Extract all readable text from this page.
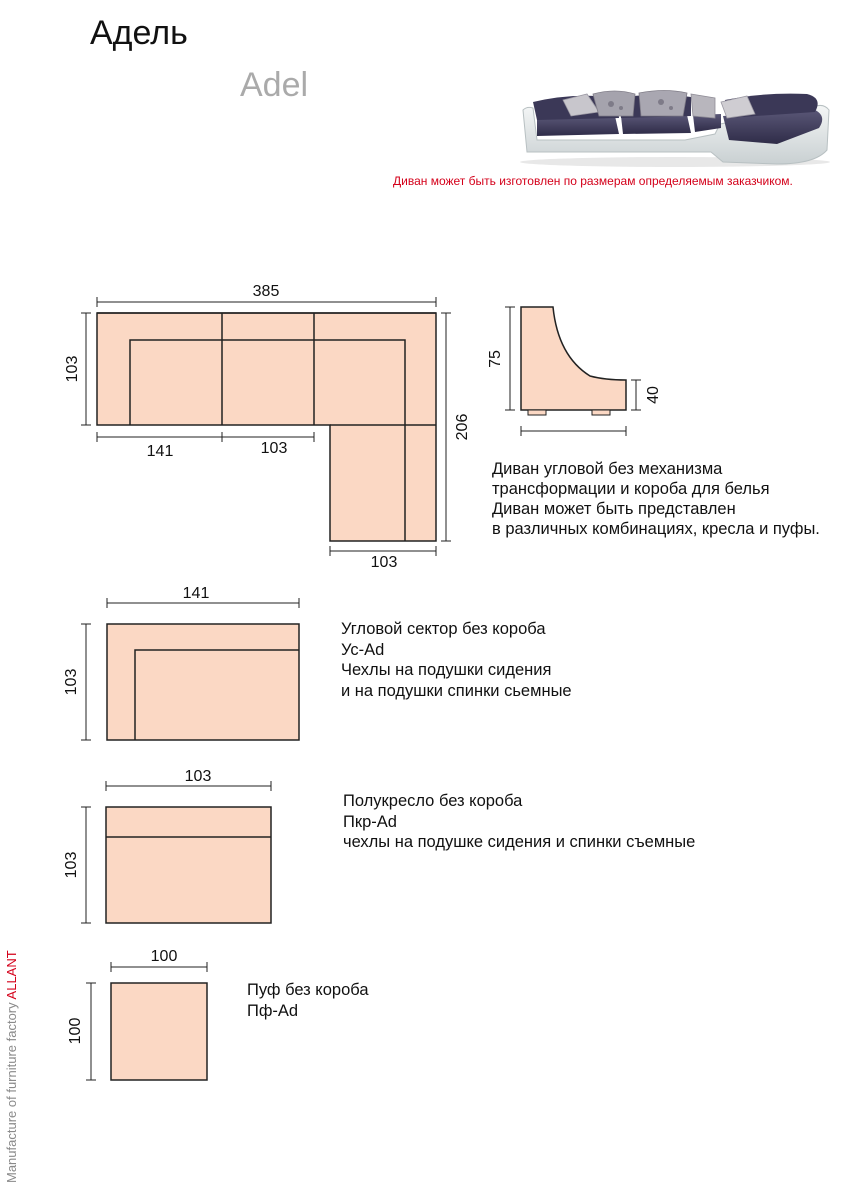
Адель
Adel
Диван может быть изготовлен по размерам определяемым заказчиком.
385
103
206
141	103
103
75
40
Диван угловой без механизма
трансформации и короба для белья
Диван может быть представлен
в различных комбинациях, кресла и пуфы.
141
103
Угловой сектор без короба
Ус-Ad
Чехлы на подушки сидения
и на подушки спинки сьемные
103
103
Полукресло без короба
Пкр-Ad
чехлы на подушке сидения и спинки съемные
100
100
Пуф без короба
Пф-Ad
Manufacture of furniture factory ALLANT
